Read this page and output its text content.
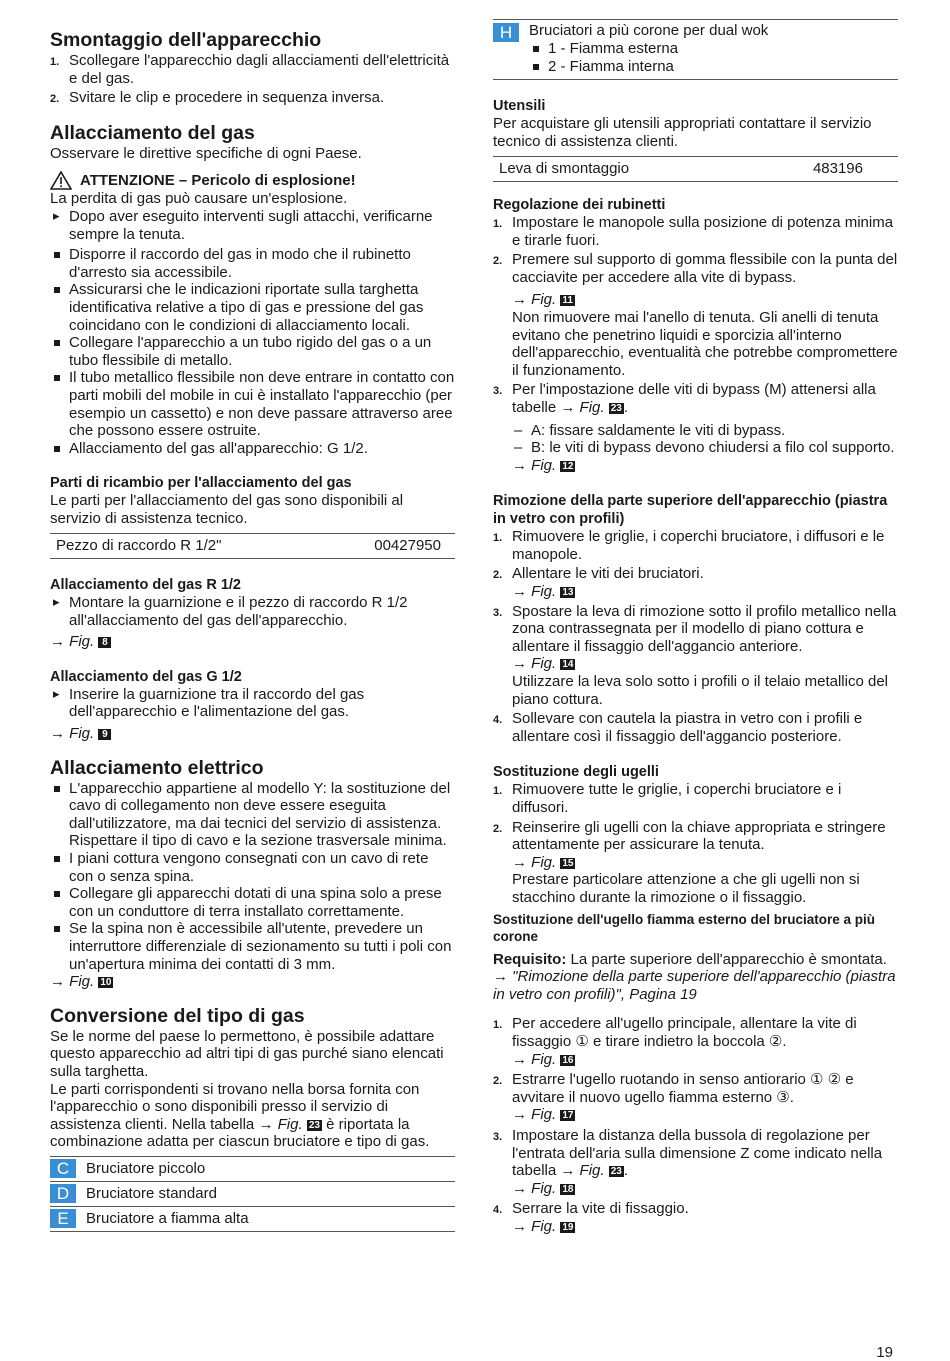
Smontaggio dell'apparecchio
1. Scollegare l'apparecchio dagli allacciamenti dell'elettricità e del gas.
2. Svitare le clip e procedere in sequenza inversa.
Allacciamento del gas

Osservare le direttive specifiche di ogni Paese.

ATTENZIONE – Pericolo di esplosione!

La perdita di gas può causare un'esplosione.

▸ Dopo aver eseguito interventi sugli attacchi, verificarne sempre la tenuta.
Disporre il raccordo del gas in modo che il rubinetto d'arresto sia accessibile.
Assicurarsi che le indicazioni riportate sulla targhetta identificativa relative a tipo di gas e pressione del gas coincidano con le condizioni di allacciamento locali.
Collegare l'apparecchio a un tubo rigido del gas o a un tubo flessibile di metallo.
Il tubo metallico flessibile non deve entrare in contatto con parti mobili del mobile in cui è installato l'apparecchio (per esempio un cassetto) e non deve passare attraverso aree che possono essere ostruite.
Allacciamento del gas all'apparecchio: G 1/2.
Parti di ricambio per l'allacciamento del gas

Le parti per l'allacciamento del gas sono disponibili al servizio di assistenza tecnico.

Pezzo di raccordo R 1/2"	00427950
Allacciamento del gas R 1/2
▸ Montare la guarnizione e il pezzo di raccordo R 1/2 all'allacciamento del gas dell'apparecchio.
→ Fig. 8
Allacciamento del gas G 1/2
▸ Inserire la guarnizione tra il raccordo del gas dell'apparecchio e l'alimentazione del gas.
→ Fig. 9
Allacciamento elettrico
L'apparecchio appartiene al modello Y: la sostituzione del cavo di collegamento non deve essere eseguita dall'utilizzatore, ma dai tecnici del servizio di assistenza. Rispettare il tipo di cavo e la sezione trasversale minima.
I piani cottura vengono consegnati con un cavo di rete con o senza spina.
Collegare gli apparecchi dotati di una spina solo a prese con un conduttore di terra installato correttamente.
Se la spina non è accessibile all'utente, prevedere un interruttore differenziale di sezionamento su tutti i poli con un'apertura minima dei contatti di 3 mm.
→ Fig. 10
Conversione del tipo di gas

Se le norme del paese lo permettono, è possibile adattare questo apparecchio ad altri tipi di gas purché siano elencati sulla targhetta.

Le parti corrispondenti si trovano nella borsa fornita con l'apparecchio o sono disponibili presso il servizio di assistenza clienti. Nella tabella → Fig. 23 è riportata la combinazione adatta per ciascun bruciatore e tipo di gas.

C	Bruciatore piccolo
D	Bruciatore standard
E	Bruciatore a fiamma alta
H	Bruciatori a più corone per dual wok
1 - Fiamma esterna
2 - Fiamma interna
Utensili

Per acquistare gli utensili appropriati contattare il servizio tecnico di assistenza clienti.

Leva di smontaggio	483196
Regolazione dei rubinetti
1. Impostare le manopole sulla posizione di potenza minima e tirarle fuori.
2. Premere sul supporto di gomma flessibile con la punta del cacciavite per accedere alla vite di bypass.
→ Fig. 11
Non rimuovere mai l'anello di tenuta. Gli anelli di tenuta evitano che penetrino liquidi e sporcizia all'interno dell'apparecchio, eventualità che potrebbe compromettere il funzionamento.
3. Per l'impostazione delle viti di bypass (M) attenersi alla tabelle → Fig. 23 .
– A: fissare saldamente le viti di bypass.
– B: le viti di bypass devono chiudersi a filo col supporto.
→ Fig. 12
Rimozione della parte superiore dell'apparecchio (piastra in vetro con profili)
1. Rimuovere le griglie, i coperchi bruciatore, i diffusori e le manopole.
2. Allentare le viti dei bruciatori.
→ Fig. 13
3. Spostare la leva di rimozione sotto il profilo metallico nella zona contrassegnata per il modello di piano cottura e allentare il fissaggio dell'aggancio anteriore.
→ Fig. 14
Utilizzare la leva solo sotto i profili o il telaio metallico del piano cottura.
4. Sollevare con cautela la piastra in vetro con i profili e allentare così il fissaggio dell'aggancio posteriore.
Sostituzione degli ugelli
1. Rimuovere tutte le griglie, i coperchi bruciatore e i diffusori.
2. Reinserire gli ugelli con la chiave appropriata e stringere attentamente per assicurare la tenuta.
→ Fig. 15
Prestare particolare attenzione a che gli ugelli non si stacchino durante la rimozione o il fissaggio.
Sostituzione dell'ugello fiamma esterno del bruciatore a più corone

Requisito: La parte superiore dell'apparecchio è smontata. → "Rimozione della parte superiore dell'apparecchio (piastra in vetro con profili)", Pagina 19

1. Per accedere all'ugello principale, allentare la vite di fissaggio ① e tirare indietro la boccola ②.
→ Fig. 16
2. Estrarre l'ugello ruotando in senso antiorario ① ② e avvitare il nuovo ugello fiamma esterno ③.
→ Fig. 17
3. Impostare la distanza della bussola di regolazione per l'entrata dell'aria sulla dimensione Z come indicato nella tabella → Fig. 23 .
→ Fig. 18
4. Serrare la vite di fissaggio.
→ Fig. 19
19
